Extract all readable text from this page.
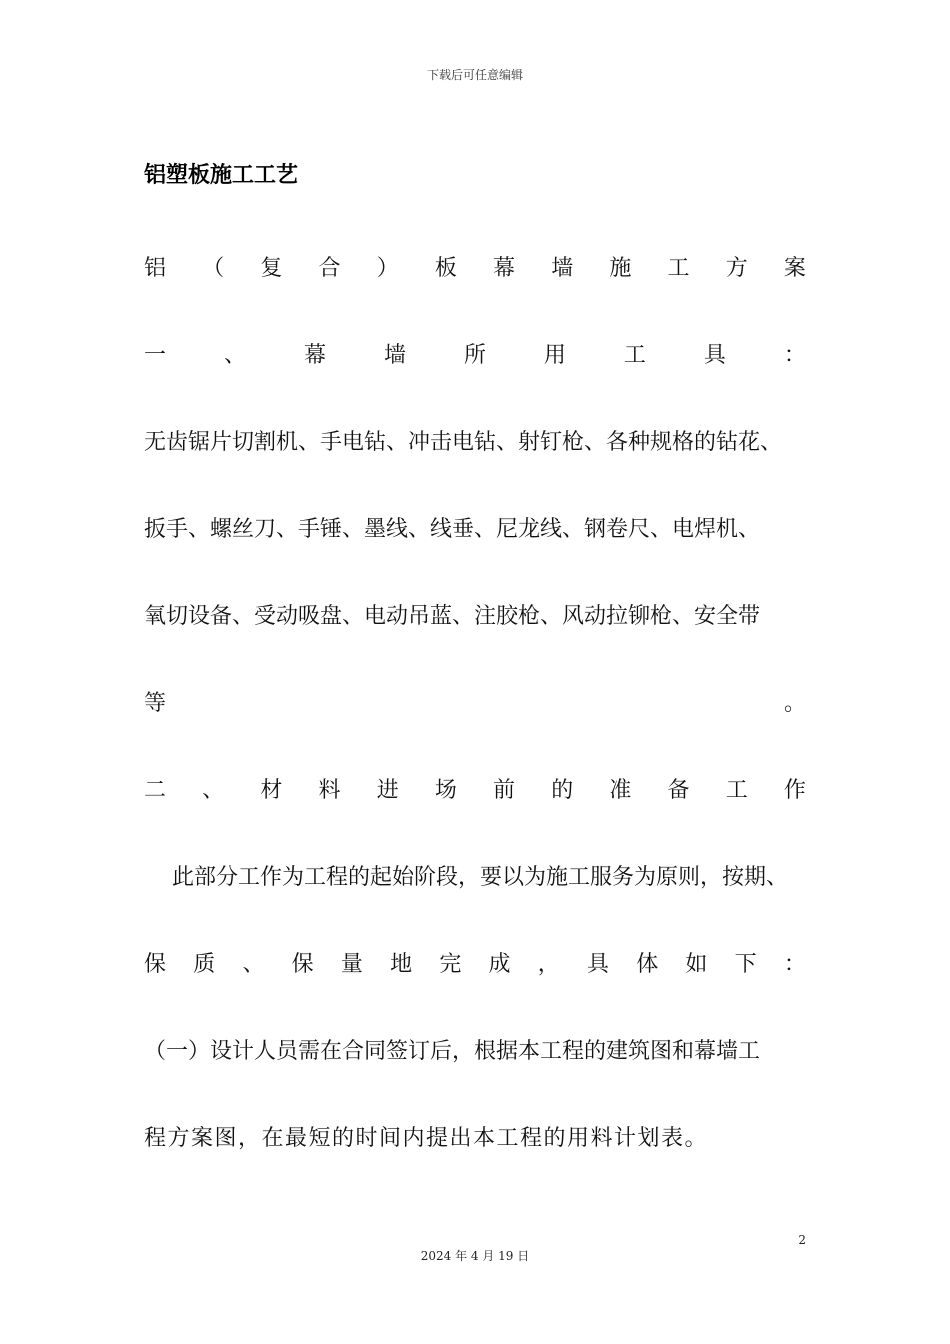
下载后可任意编辑
铝塑板施工工艺
铝 （ 复 合 ） 板 幕 墙 施 工 方 案
一	、	幕	墙	所	用	工	具	：
无齿锯片切割机、手电钻、冲击电钻、射钉枪、各种规格的钻花、
扳手、螺丝刀、手锤、墨线、线垂、尼龙线、钢卷尺、电焊机、
氧切设备、受动吸盘、电动吊蓝、注胶枪、风动拉铆枪、安全带
等	。
二 、 材 料 进 场 前 的 准 备 工 作
此部分工作为工程的起始阶段，要以为施工服务为原则，按期、
保 质 、 保 量 地 完 成 ， 具 体 如 下 ：
（一）设计人员需在合同签订后，根据本工程的建筑图和幕墙工
程方案图，在最短的时间内提出本工程的用料计划表。
2
2024 年 4 月 19 日
